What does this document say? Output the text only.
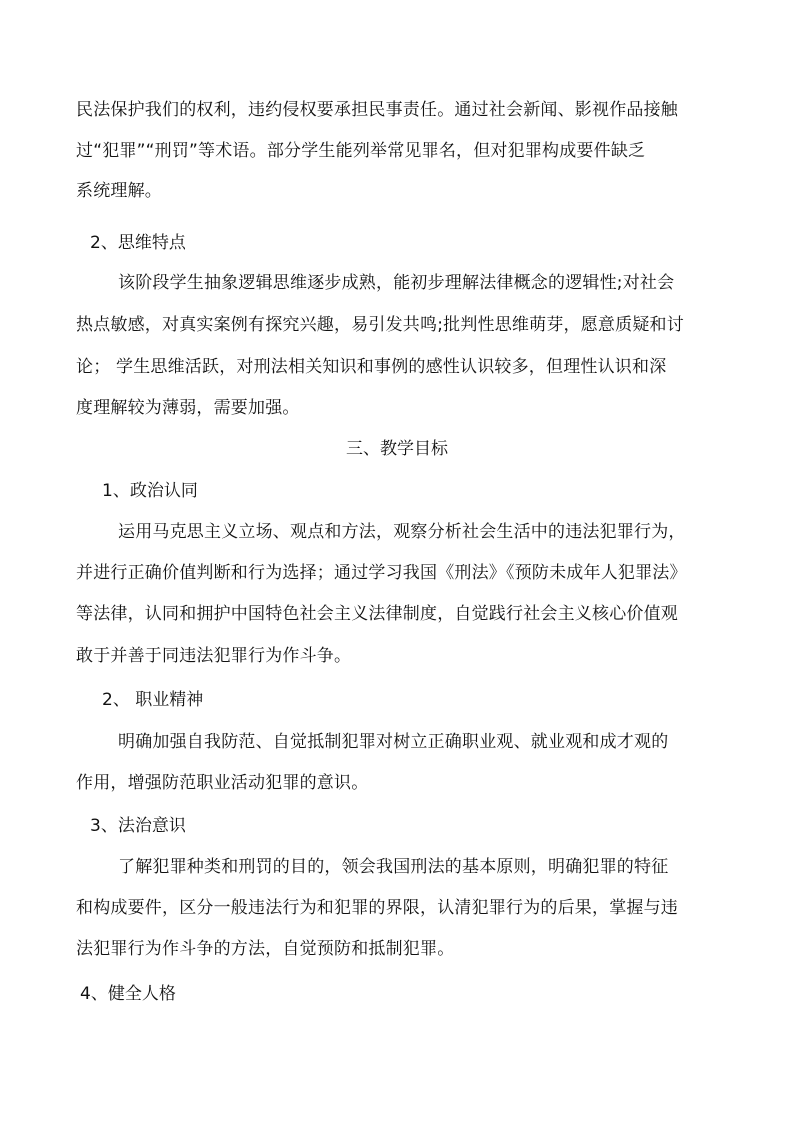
民法保护我们的权利，违约侵权要承担民事责任。通过社会新闻、影视作品接触
过“犯罪”“刑罚”等术语。部分学生能列举常见罪名，但对犯罪构成要件缺乏
系统理解。
2、思维特点
该阶段学生抽象逻辑思维逐步成熟，能初步理解法律概念的逻辑性;对社会
热点敏感，对真实案例有探究兴趣，易引发共鸣;批判性思维萌芽，愿意质疑和讨
论； 学生思维活跃，对刑法相关知识和事例的感性认识较多，但理性认识和深
度理解较为薄弱，需要加强。
三、教学目标
1、政治认同
运用马克思主义立场、观点和方法，观察分析社会生活中的违法犯罪行为，
并进行正确价值判断和行为选择；通过学习我国《刑法》《预防未成年人犯罪法》
等法律，认同和拥护中国特色社会主义法律制度，自觉践行社会主义核心价值观
敢于并善于同违法犯罪行为作斗争。
2、 职业精神
明确加强自我防范、自觉抵制犯罪对树立正确职业观、就业观和成才观的
作用，增强防范职业活动犯罪的意识。
3、法治意识
了解犯罪种类和刑罚的目的，领会我国刑法的基本原则，明确犯罪的特征
和构成要件，区分一般违法行为和犯罪的界限，认清犯罪行为的后果，掌握与违
法犯罪行为作斗争的方法，自觉预防和抵制犯罪。
4、健全人格
